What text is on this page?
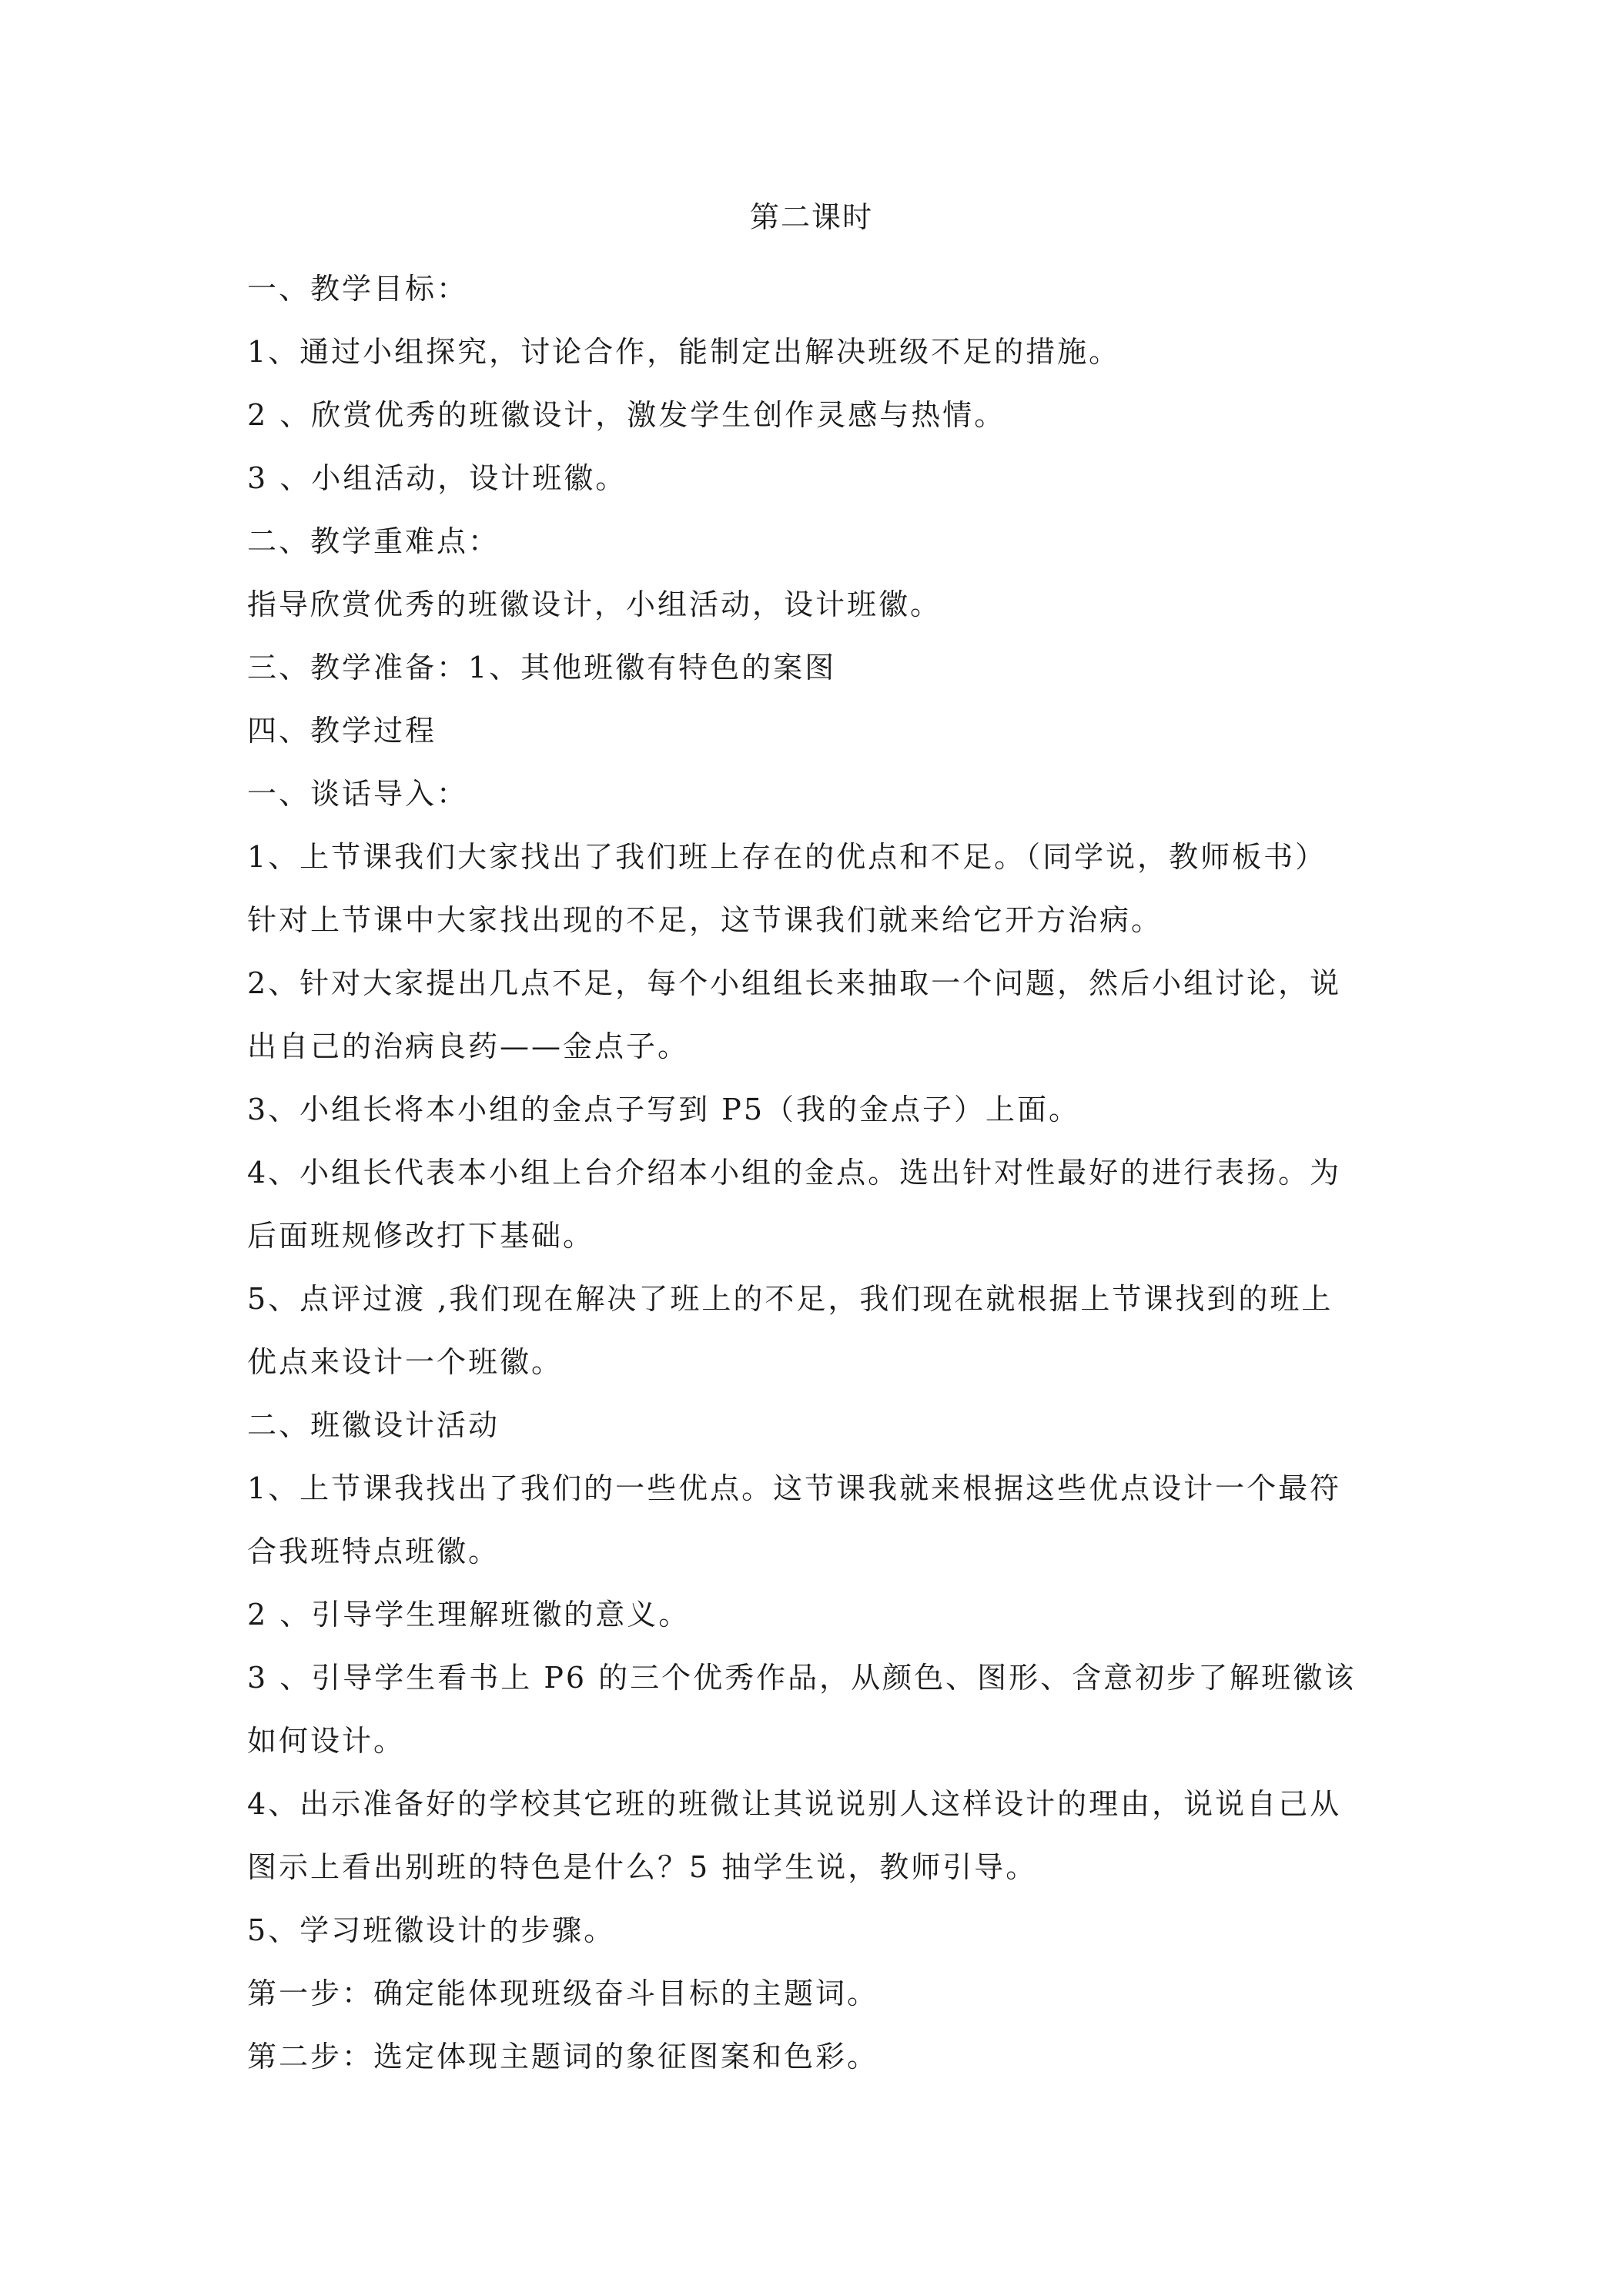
第二课时
一、教学目标：
1、通过小组探究，讨论合作，能制定出解决班级不足的措施。
2 、欣赏优秀的班徽设计，激发学生创作灵感与热情。
3 、小组活动，设计班徽。
二、教学重难点：
指导欣赏优秀的班徽设计，小组活动，设计班徽。
三、教学准备：1、其他班徽有特色的案图
四、教学过程
一、谈话导入：
1、上节课我们大家找出了我们班上存在的优点和不足。（同学说，教师板书）
针对上节课中大家找出现的不足，这节课我们就来给它开方治病。
2、针对大家提出几点不足，每个小组组长来抽取一个问题，然后小组讨论，说
出自己的治病良药——金点子。
3、小组长将本小组的金点子写到 P5（我的金点子）上面。
4、小组长代表本小组上台介绍本小组的金点。选出针对性最好的进行表扬。为
后面班规修改打下基础。
5、点评过渡 ,我们现在解决了班上的不足，我们现在就根据上节课找到的班上
优点来设计一个班徽。
二、班徽设计活动
1、上节课我找出了我们的一些优点。这节课我就来根据这些优点设计一个最符
合我班特点班徽。
2 、引导学生理解班徽的意义。
3 、引导学生看书上 P6 的三个优秀作品，从颜色、图形、含意初步了解班徽该
如何设计。
4、出示准备好的学校其它班的班微让其说说别人这样设计的理由，说说自己从
图示上看出别班的特色是什么？5 抽学生说，教师引导。
5、学习班徽设计的步骤。
第一步：确定能体现班级奋斗目标的主题词。
第二步：选定体现主题词的象征图案和色彩。
